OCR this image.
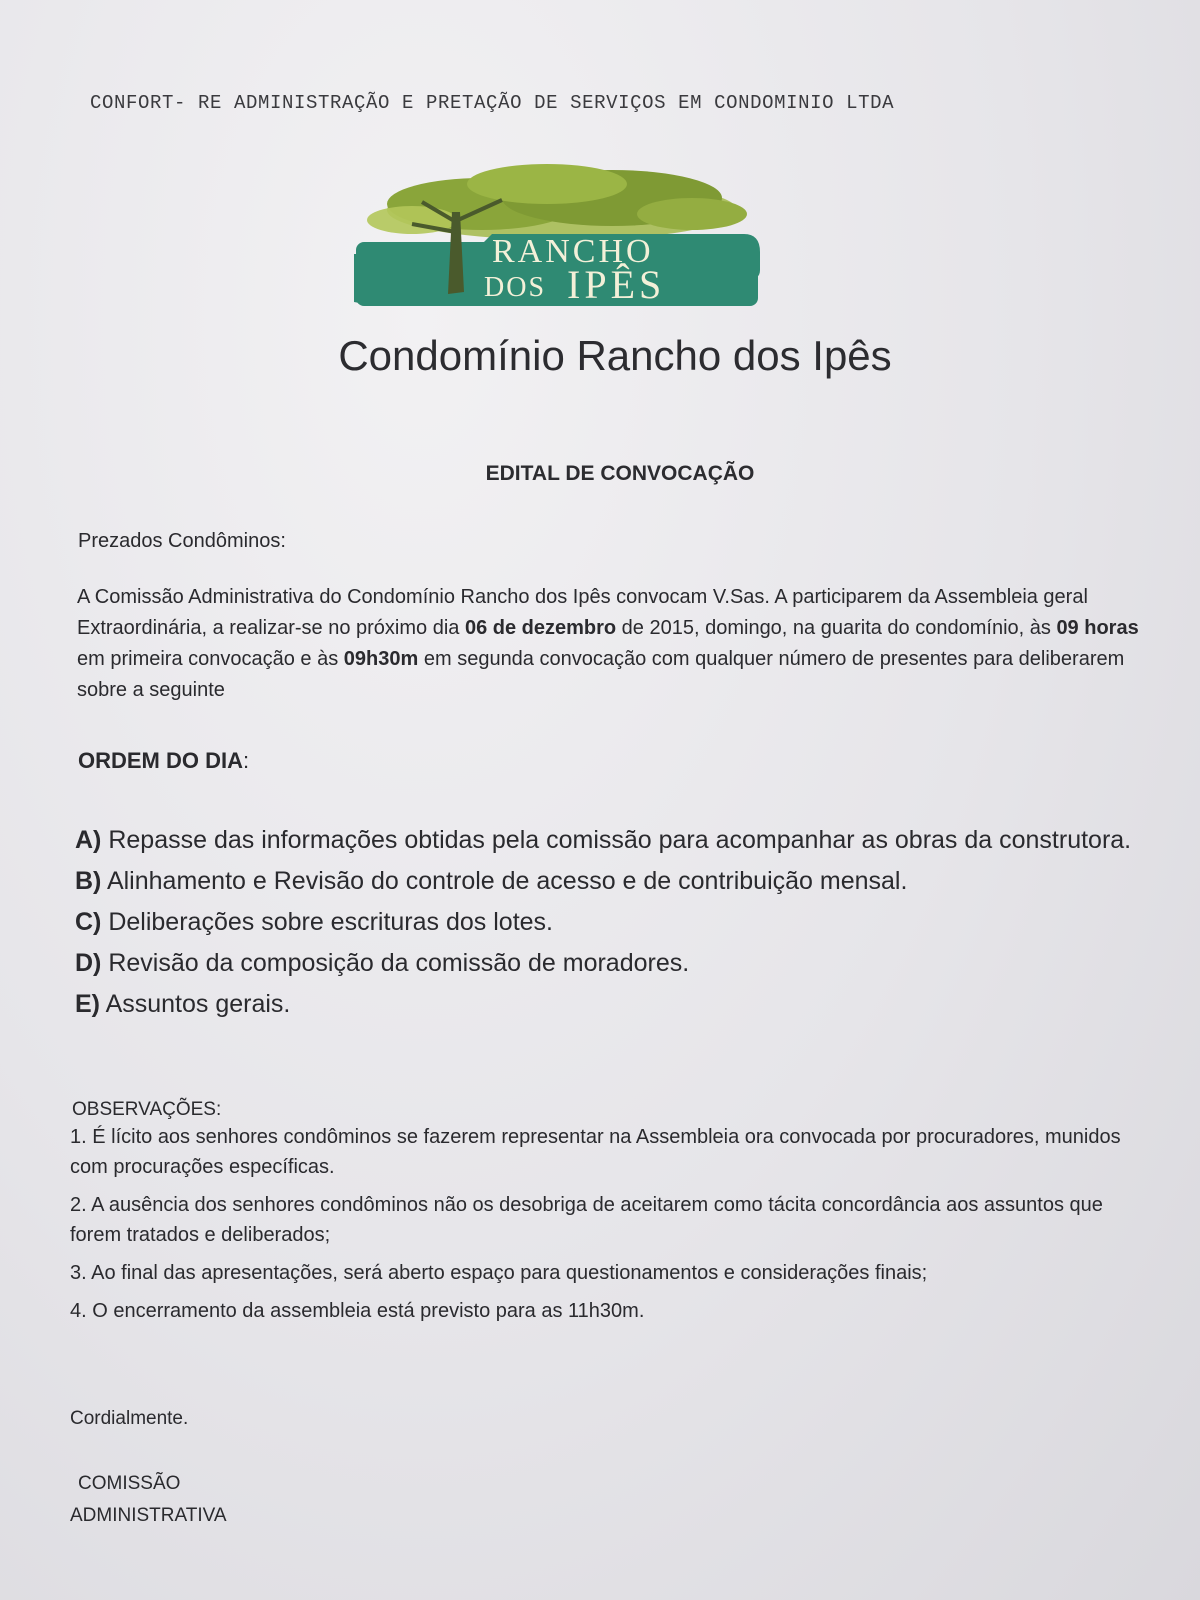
CONFORT- RE ADMINISTRAÇÃO E PRETAÇÃO DE SERVIÇOS EM CONDOMINIO LTDA
RANCHO
DOS IPÊS
Condomínio Rancho dos Ipês
EDITAL DE CONVOCAÇÃO
Prezados Condôminos:
A Comissão Administrativa do Condomínio Rancho dos Ipês convocam V.Sas. A participarem da Assembleia geral Extraordinária, a realizar-se no próximo dia 06 de dezembro de 2015, domingo, na guarita do condomínio, às 09 horas em primeira convocação e às 09h30m em segunda convocação com qualquer número de presentes para deliberarem sobre a seguinte
ORDEM DO DIA:
A) Repasse das informações obtidas pela comissão para acompanhar as obras da construtora.
B) Alinhamento e Revisão do controle de acesso e de contribuição mensal.
C) Deliberações sobre escrituras dos lotes.
D) Revisão da composição da comissão de moradores.
E) Assuntos gerais.
OBSERVAÇÕES:
1. É lícito aos senhores condôminos se fazerem representar na Assembleia ora convocada por procuradores, munidos com procurações específicas.
2. A ausência dos senhores condôminos não os desobriga de aceitarem como tácita concordância aos assuntos que forem tratados e deliberados;
3. Ao final das apresentações, será aberto espaço para questionamentos e considerações finais;
4. O encerramento da assembleia está previsto para as 11h30m.
Cordialmente.
COMISSÃO
ADMINISTRATIVA
